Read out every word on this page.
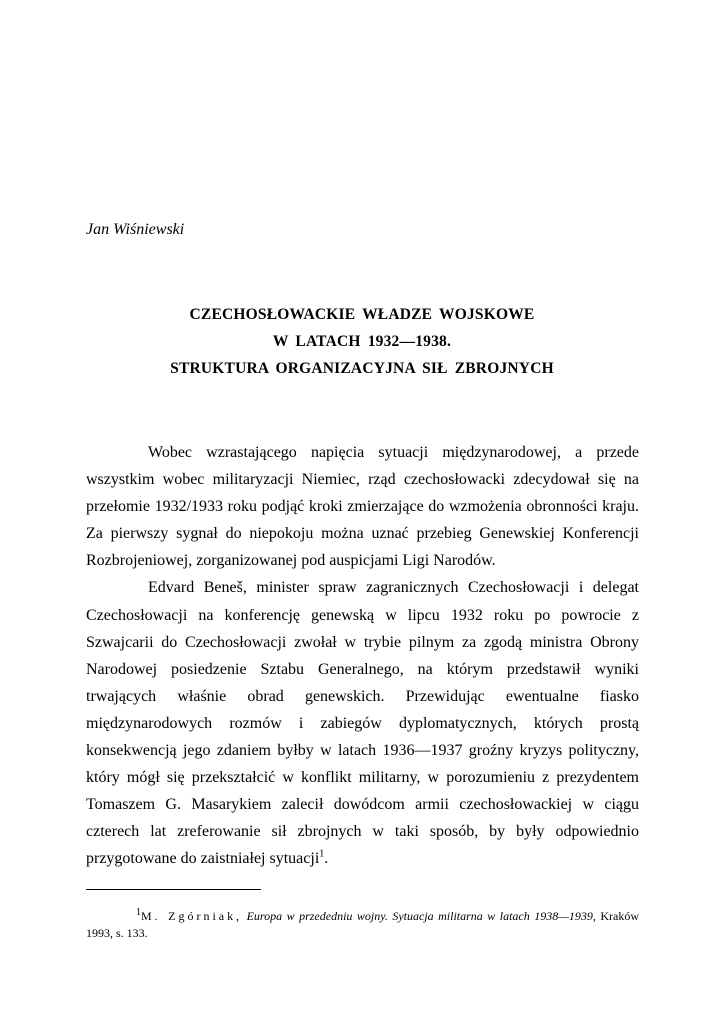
Jan Wiśniewski

CZECHOSŁOWACKIE WŁADZE WOJSKOWE
W LATACH 1932—1938.
STRUKTURA ORGANIZACYJNA SIŁ ZBROJNYCH

Wobec wzrastającego napięcia sytuacji międzynarodowej, a przede wszystkim wobec militaryzacji Niemiec, rząd czechosłowacki zdecydował się na przełomie 1932/1933 roku podjąć kroki zmierzające do wzmożenia obronności kraju. Za pierwszy sygnał do niepokoju można uznać przebieg Genewskiej Konferencji Rozbrojeniowej, zorganizowanej pod auspicjami Ligi Narodów.

Edvard Beneš, minister spraw zagranicznych Czechosłowacji i delegat Czechosłowacji na konferencję genewską w lipcu 1932 roku po powrocie z Szwajcarii do Czechosłowacji zwołał w trybie pilnym za zgodą ministra Obrony Narodowej posiedzenie Sztabu Generalnego, na którym przedstawił wyniki trwających właśnie obrad genewskich. Przewidując ewentualne fiasko międzynarodowych rozmów i zabiegów dyplomatycznych, których prostą konsekwencją jego zdaniem byłby w latach 1936—1937 groźny kryzys polityczny, który mógł się przekształcić w konflikt militarny, w porozumieniu z prezydentem Tomaszem G. Masarykiem zalecił dowódcom armii czechosłowackiej w ciągu czterech lat zreferowanie sił zbrojnych w taki sposób, by były odpowiednio przygotowane do zaistniałej sytuacji$^1$.

$^1$M. Zgórniak, Europa w przededniu wojny. Sytuacja militarna w latach 1938—1939, Kraków 1993, s. 133.
